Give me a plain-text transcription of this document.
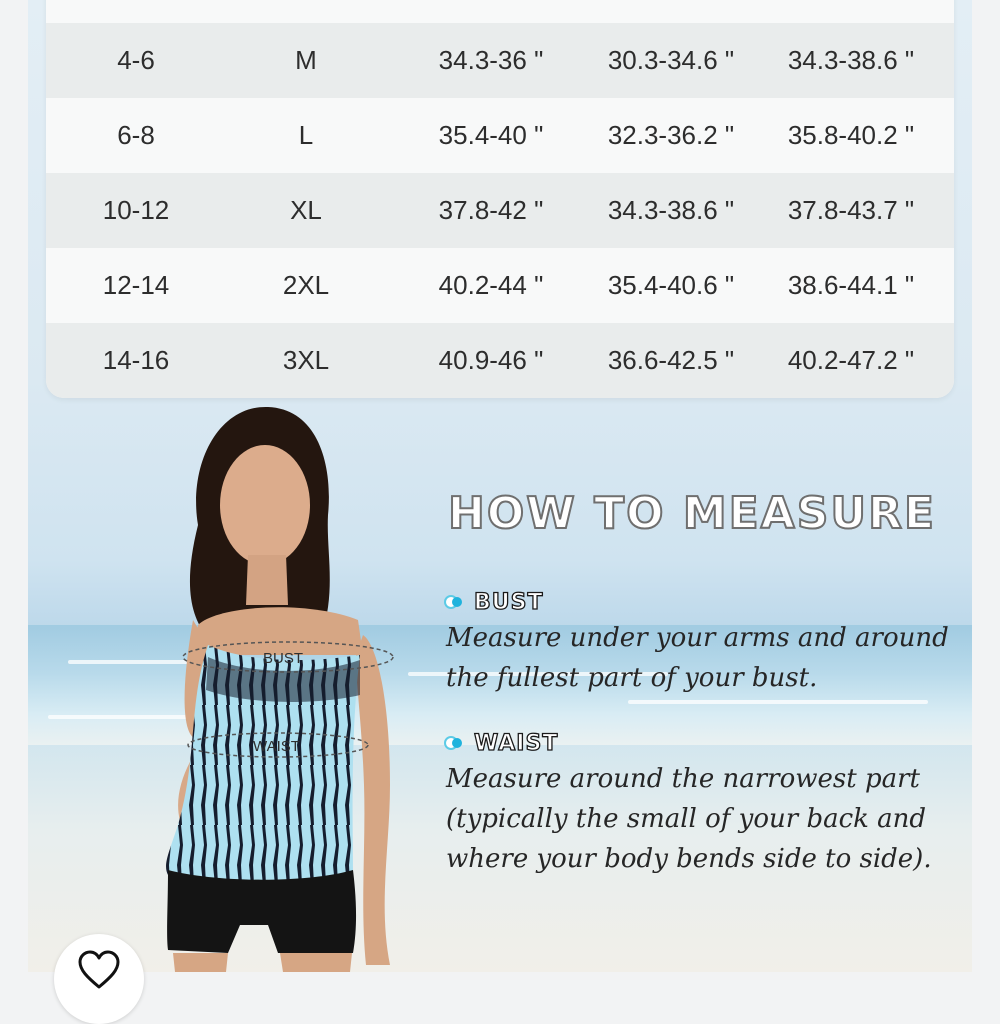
4-6	M	34.3-36 "	30.3-34.6 "	34.3-38.6 "
6-8	L	35.4-40 "	32.3-36.2 "	35.8-40.2 "
10-12	XL	37.8-42 "	34.3-38.6 "	37.8-43.7 "
12-14	2XL	40.2-44 "	35.4-40.6 "	38.6-44.1 "
14-16	3XL	40.9-46 "	36.6-42.5 "	40.2-47.2 "
BUST
WAIST
HOW TO MEASURE
BUST
Measure under your arms and around
the fullest part of your bust.
WAIST
Measure around the narrowest part
(typically the small of your back and
where your body bends side to side).
